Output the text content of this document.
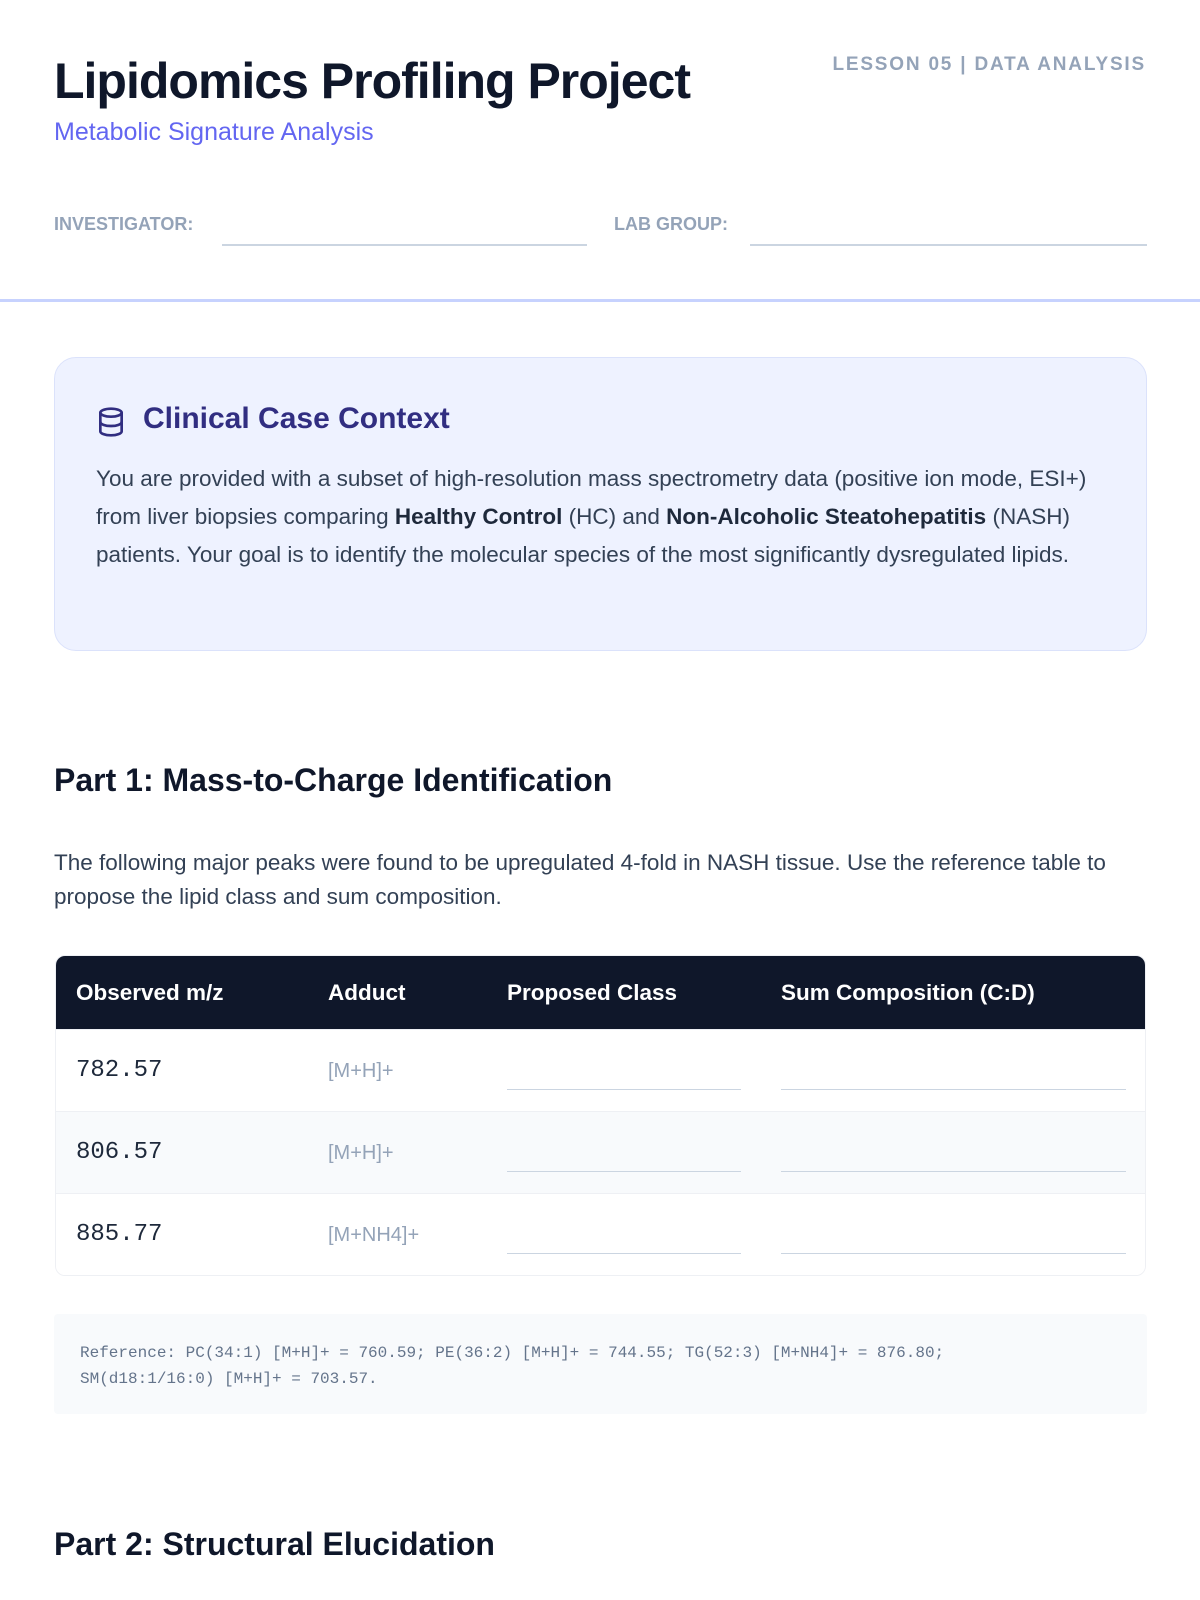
Lipidomics Profiling Project
Metabolic Signature Analysis
LESSON 05 | DATA ANALYSIS
INVESTIGATOR:	LAB GROUP:
Clinical Case Context
You are provided with a subset of high-resolution mass spectrometry data (positive ion mode, ESI+) from liver biopsies comparing Healthy Control (HC) and Non-Alcoholic Steatohepatitis (NASH) patients. Your goal is to identify the molecular species of the most significantly dysregulated lipids.
Part 1: Mass-to-Charge Identification
The following major peaks were found to be upregulated 4-fold in NASH tissue. Use the reference table to propose the lipid class and sum composition.
Observed m/z	Adduct	Proposed Class	Sum Composition (C:D)
782.57	[M+H]+
806.57	[M+H]+
885.77	[M+NH4]+
Reference: PC(34:1) [M+H]+ = 760.59; PE(36:2) [M+H]+ = 744.55; TG(52:3) [M+NH4]+ = 876.80;
SM(d18:1/16:0) [M+H]+ = 703.57.
Part 2: Structural Elucidation
